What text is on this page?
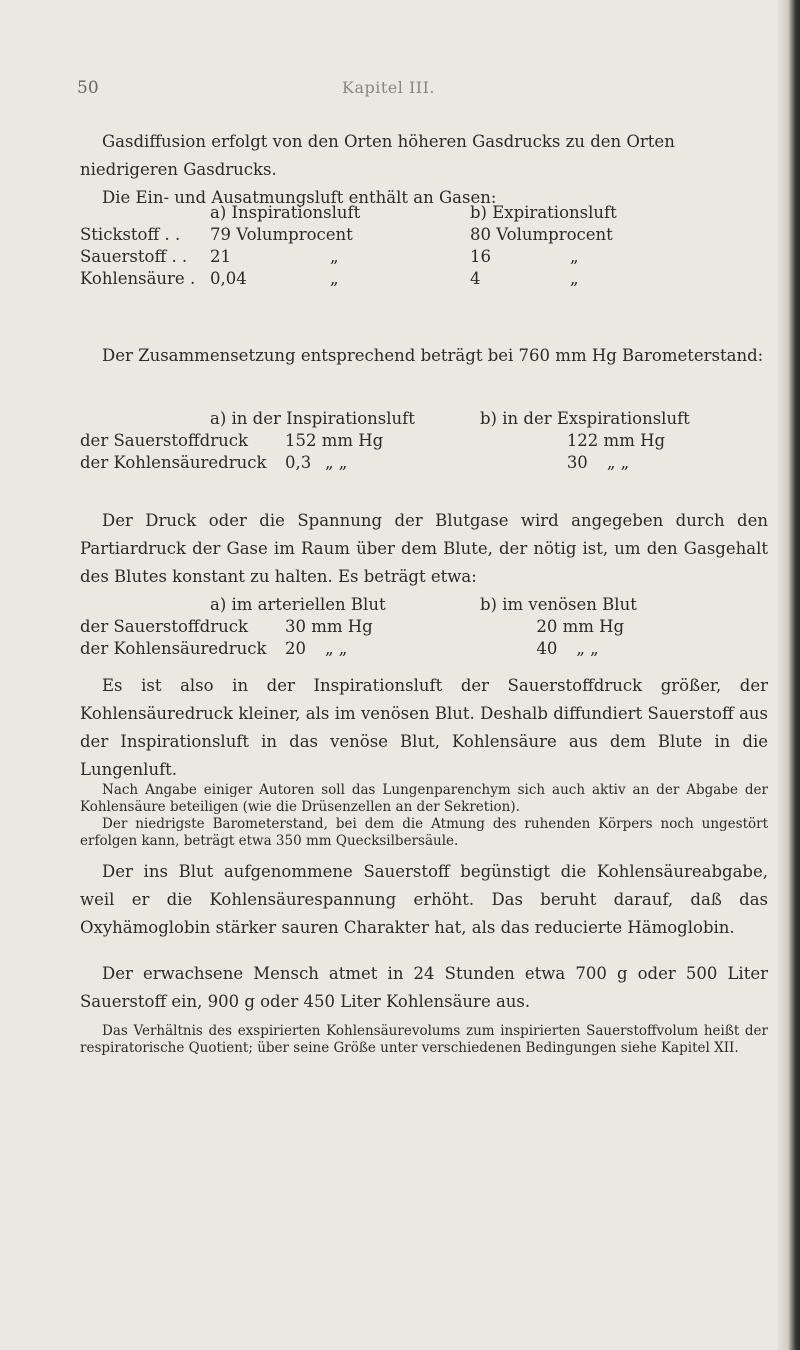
50	Kapitel III.

Gasdiffusion erfolgt von den Orten höheren Gasdrucks zu den Orten niedrigeren Gasdrucks.

Die Ein- und Ausatmungsluft enthält an Gasen:

	a) Inspirationsluft	b) Expirationsluft
Stickstoff . .	79 Volumprocent	80 Volumprocent
Sauerstoff . .	21 „	16 „
Kohlensäure .	0,04 „	4 „

Der Zusammensetzung entsprechend beträgt bei 760 mm Hg Barometerstand:

	a) in der Inspirationsluft b) in der Exspirationsluft	
der Sauerstoffdruck 152 mm Hg		122 mm Hg
der Kohlensäuredruck 0,3 „ „		30 „ „

Der Druck oder die Spannung der Blutgase wird angegeben durch den Partiardruck der Gase im Raum über dem Blute, der nötig ist, um den Gasgehalt des Blutes konstant zu halten. Es beträgt etwa:

	a) im arteriellen Blut b) im venösen Blut	
der Sauerstoffdruck 30 mm Hg		20 mm Hg
der Kohlensäuredruck 20 „ „		40 „ „

Es ist also in der Inspirationsluft der Sauerstoffdruck größer, der Kohlensäuredruck kleiner, als im venösen Blut. Deshalb diffundiert Sauerstoff aus der Inspirationsluft in das venöse Blut, Kohlensäure aus dem Blute in die Lungenluft.

Nach Angabe einiger Autoren soll das Lungenparenchym sich auch aktiv an der Abgabe der Kohlensäure beteiligen (wie die Drüsenzellen an der Sekretion).

Der niedrigste Barometerstand, bei dem die Atmung des ruhenden Körpers noch ungestört erfolgen kann, beträgt etwa 350 mm Quecksilbersäule.

Der ins Blut aufgenommene Sauerstoff begünstigt die Kohlensäureabgabe, weil er die Kohlensäurespannung erhöht. Das beruht darauf, daß das Oxyhämoglobin stärker sauren Charakter hat, als das reducierte Hämoglobin.

Der erwachsene Mensch atmet in 24 Stunden etwa 700 g oder 500 Liter Sauerstoff ein, 900 g oder 450 Liter Kohlensäure aus.

Das Verhältnis des exspirierten Kohlensäurevolums zum inspirierten Sauerstoffvolum heißt der respiratorische Quotient; über seine Größe unter verschiedenen Bedingungen siehe Kapitel XII.
